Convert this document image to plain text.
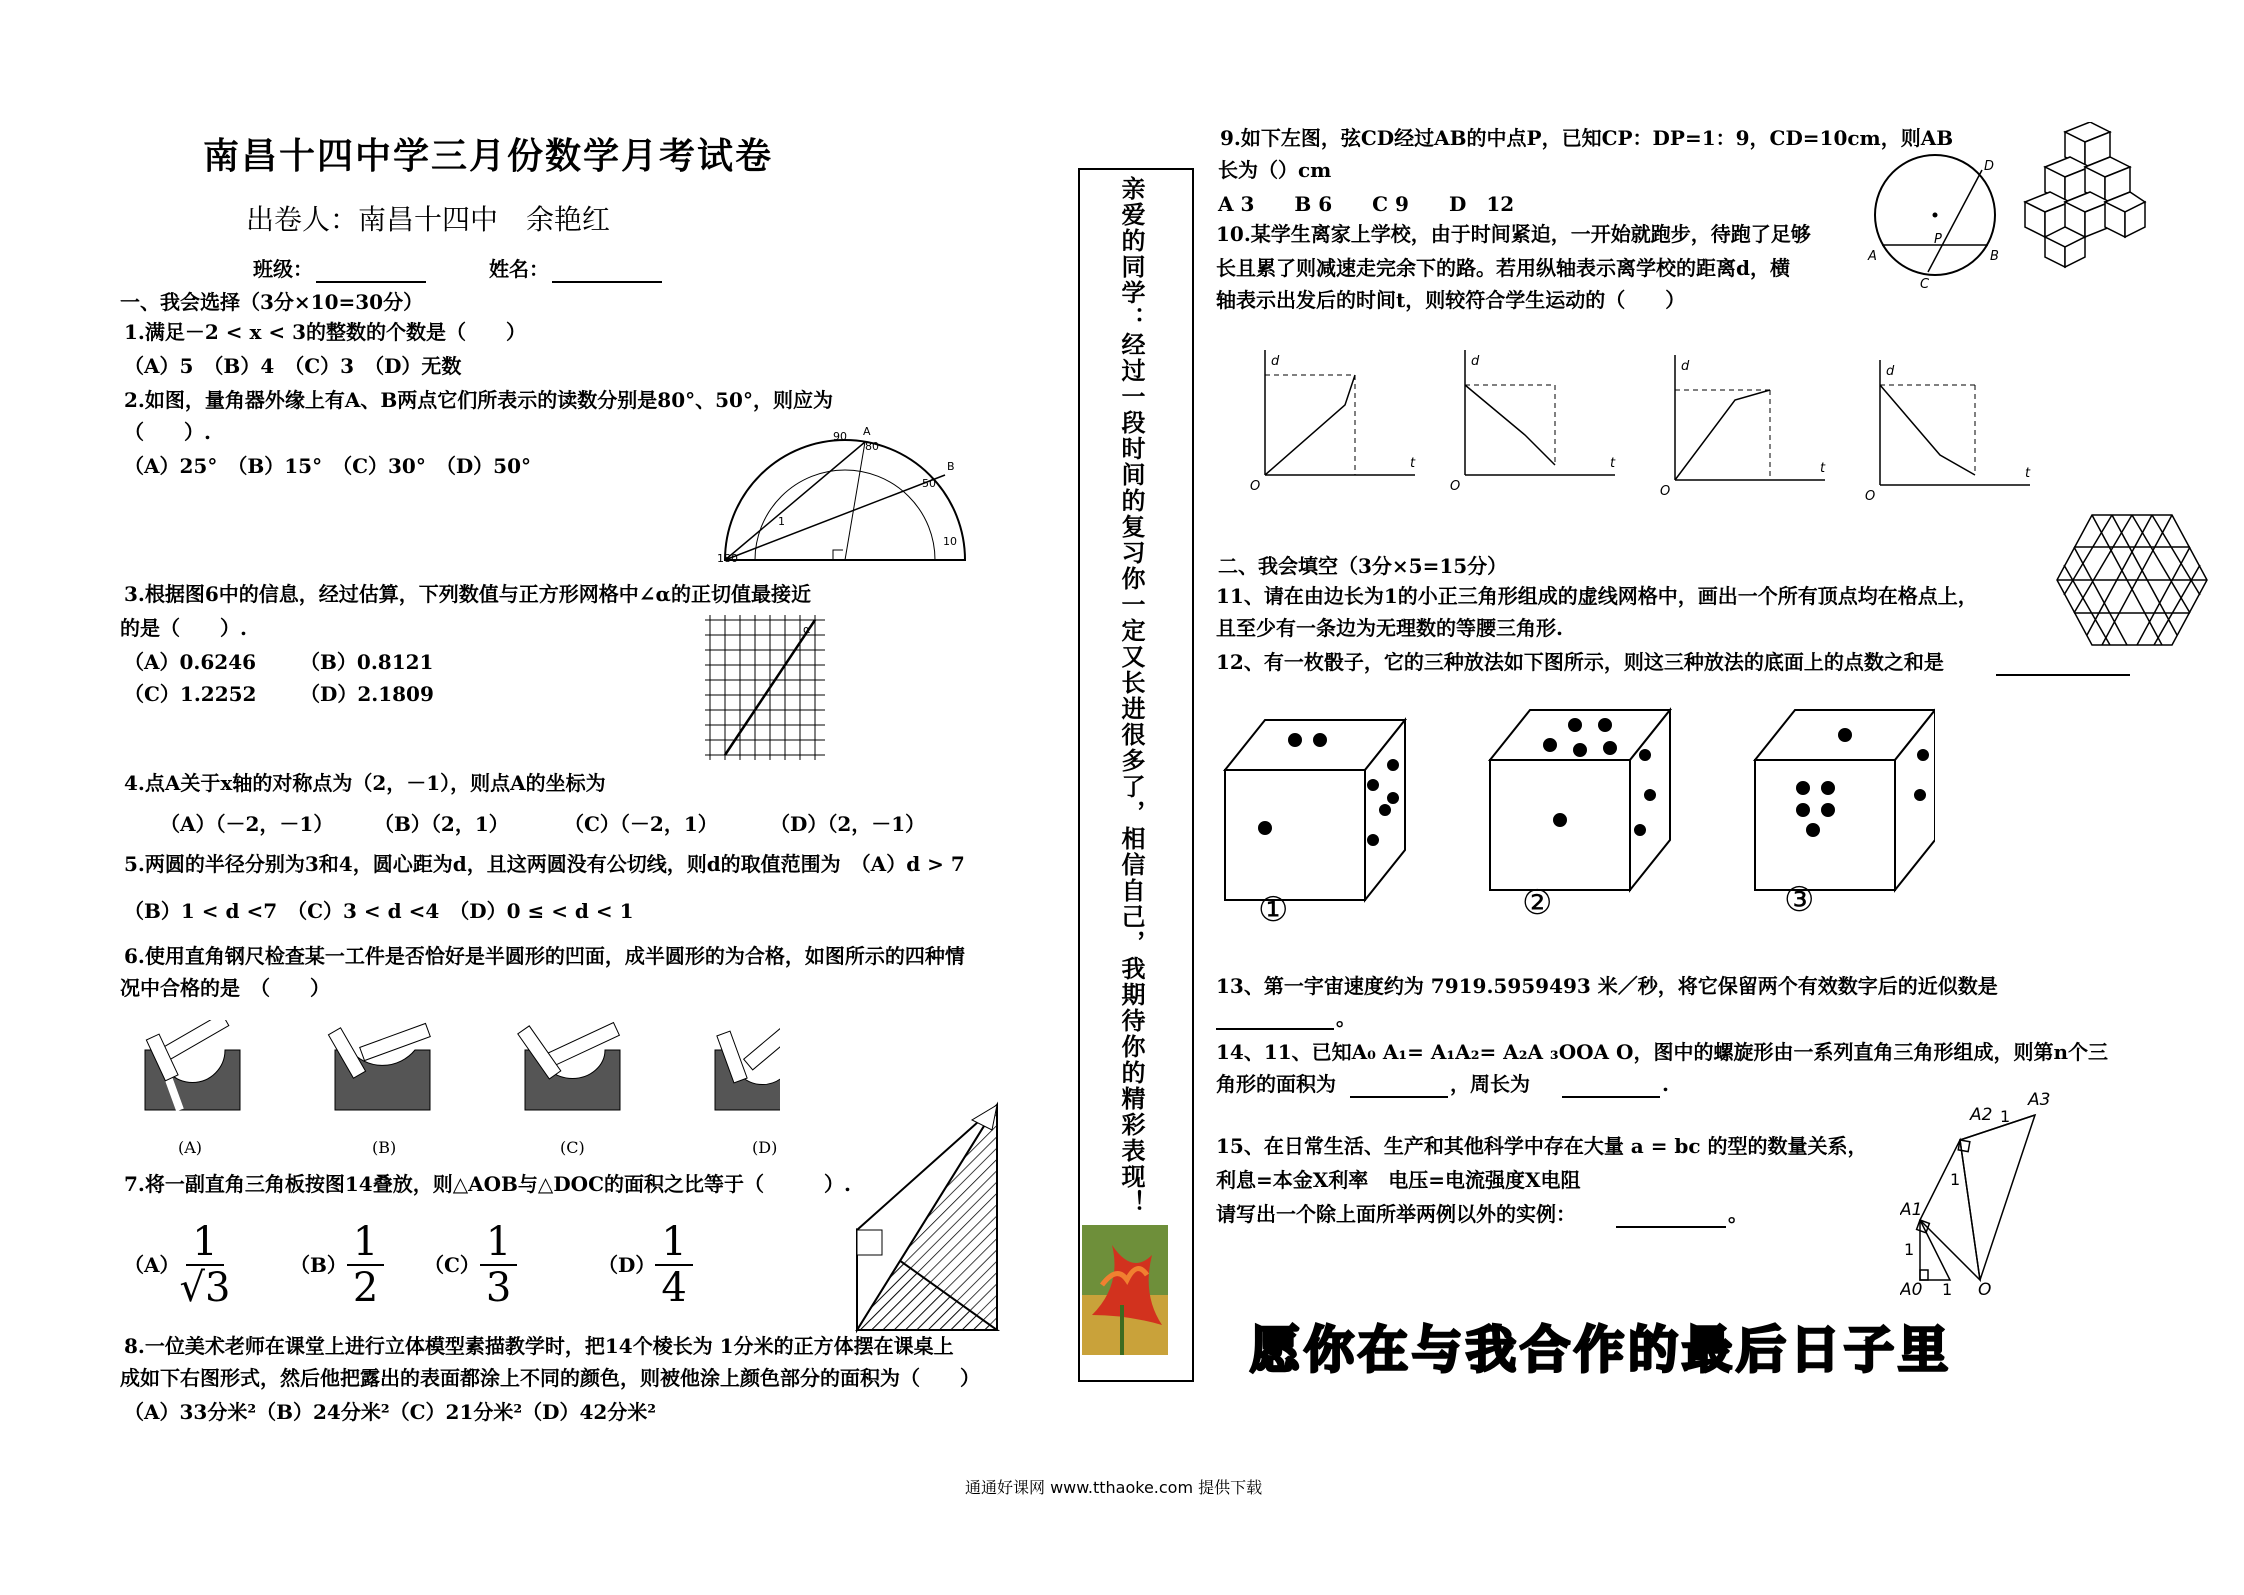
南昌十四中学三月份数学月考试卷
出卷人：南昌十四中　余艳红
班级：	姓名：
一、我会选择（3分×10=30分）
1.满足－2 < x < 3的整数的个数是（　　）
（A）5　（B）4　（C）3　（D）无数
2.如图，量角器外缘上有A、B两点它们所表示的读数分别是80°、50°，则应为
（　　）.
（A）25°　（B）15°　（C）30°　（D）50°
A
B
90
80
50
10
180
1
3.根据图6中的信息，经过估算，下列数值与正方形网格中∠α的正切值最接近
的是（　　）.
（A）0.6246 （B）0.8121
（C）1.2252 （D）2.1809
α
4.点A关于x轴的对称点为（2，－1），则点A的坐标为
（A）（－2，－1） （B）（2，1）	（C）（－2，1）	（D）（2，－1）
5.两圆的半径分别为3和4，圆心距为d，且这两圆没有公切线，则d的取值范围为　（A）d > 7
（B）1 < d <7　（C）3 < d <4　（D）0 ≤ < d < 1
6.使用直角钢尺检查某一工件是否恰好是半圆形的凹面，成半圆形的为合格，如图所示的四种情
况中合格的是　（　　）
(A)	(B)	(C)	(D)
7.将一副直角三角板按图14叠放，则△AOB与△DOC的面积之比等于（　　　）.
$(A) \frac{1}{√3}$	$(B) \frac{1}{2} (C) \frac{1}{3}$	$(D) \frac{1}{4}$
8.一位美术老师在课堂上进行立体模型素描教学时，把14个棱长为 1分米的正方体摆在课桌上
成如下右图形式，然后他把露出的表面都涂上不同的颜色，则被他涂上颜色部分的面积为（　　）
（A）33分米²（B）24分米²（C）21分米²（D）42分米²
亲爱的同学：经过一段时间的复习你一定又长进很多了，相信自己，我期待你的精彩表现！
9.如下左图，弦CD经过AB的中点P，已知CP：DP=1：9，CD=10cm，则AB
长为（）cm
A 3　　B 6　　C 9　　D　12
D
A
P
B
C
10.某学生离家上学校，由于时间紧迫，一开始就跑步，待跑了足够
长且累了则减速走完余下的路。若用纵轴表示离学校的距离d，横
轴表示出发后的时间t，则较符合学生运动的（　　）
d
t
O
d
t
O
d
t
O
d
t
O
二、我会填空（3分×5=15分）
11、请在由边长为1的小正三角形组成的虚线网格中，画出一个所有顶点均在格点上，
且至少有一条边为无理数的等腰三角形.
12、有一枚骰子，它的三种放法如下图所示，则这三种放法的底面上的点数之和是
①	②	③
13、第一宇宙速度约为 7919.5959493 米／秒，将它保留两个有效数字后的近似数是
。
14、11、已知A₀ A₁= A₁A₂= A₂A ₃OOA O，图中的螺旋形由一系列直角三角形组成，则第n个三
角形的面积为	，周长为	.
A2 1
A3
1
A1
1
A0 1 O
15、在日常生活、生产和其他科学中存在大量 a = bc 的型的数量关系，
利息=本金X利率　电压=电流强度X电阻
请写出一个除上面所举两例以外的实例：	。
愿你在与我合作的最后日子里
通通好课网 www.tthaoke.com 提供下载
